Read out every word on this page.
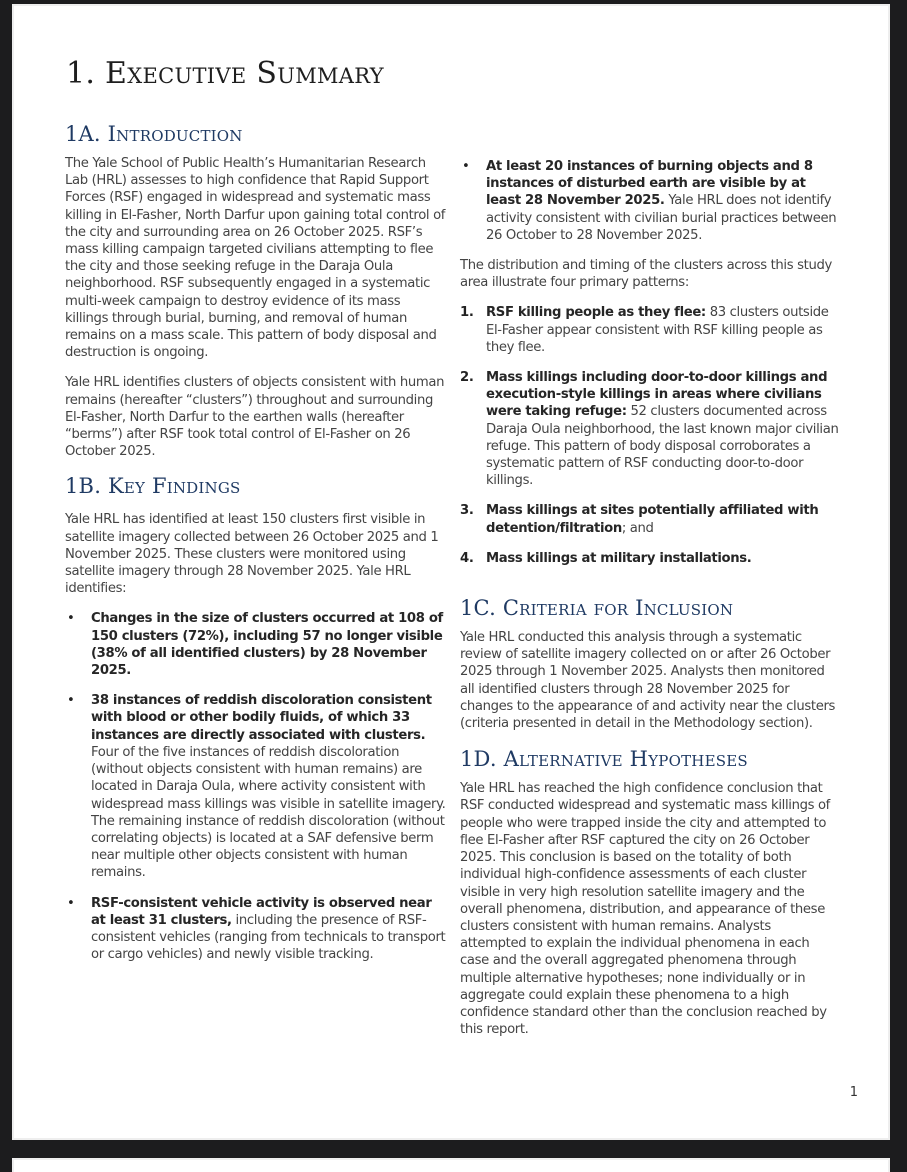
1. Executive Summary
1A. Introduction

The Yale School of Public Health’s Humanitarian Research Lab (HRL) assesses to high confidence that Rapid Support Forces (RSF) engaged in widespread and systematic mass killing in El-Fasher, North Darfur upon gaining total control of the city and surrounding area on 26 October 2025. RSF’s mass killing campaign targeted civilians attempting to flee the city and those seeking refuge in the Daraja Oula neighborhood. RSF subsequently engaged in a systematic multi-week campaign to destroy evidence of its mass killings through burial, burning, and removal of human remains on a mass scale. This pattern of body disposal and destruction is ongoing.

Yale HRL identifies clusters of objects consistent with human remains (hereafter “clusters”) throughout and surrounding El-Fasher, North Darfur to the earthen walls (hereafter “berms”) after RSF took total control of El-Fasher on 26 October 2025.

1B. Key Findings

Yale HRL has identified at least 150 clusters first visible in satellite imagery collected between 26 October 2025 and 1 November 2025. These clusters were monitored using satellite imagery through 28 November 2025. Yale HRL identifies:

• Changes in the size of clusters occurred at 108 of 150 clusters (72%), including 57 no longer visible (38% of all identified clusters) by 28 November 2025.
• 38 instances of reddish discoloration consistent with blood or other bodily fluids, of which 33 instances are directly associated with clusters. Four of the five instances of reddish discoloration (without objects consistent with human remains) are located in Daraja Oula, where activity consistent with widespread mass killings was visible in satellite imagery. The remaining instance of reddish discoloration (without correlating objects) is located at a SAF defensive berm near multiple other objects consistent with human remains.
• RSF-consistent vehicle activity is observed near at least 31 clusters, including the presence of RSF-consistent vehicles (ranging from technicals to transport or cargo vehicles) and newly visible tracking.
• At least 20 instances of burning objects and 8 instances of disturbed earth are visible by at least 28 November 2025. Yale HRL does not identify activity consistent with civilian burial practices between 26 October to 28 November 2025.

The distribution and timing of the clusters across this study area illustrate four primary patterns:

1. RSF killing people as they flee: 83 clusters outside El-Fasher appear consistent with RSF killing people as they flee.
2. Mass killings including door-to-door killings and execution-style killings in areas where civilians were taking refuge: 52 clusters documented across Daraja Oula neighborhood, the last known major civilian refuge. This pattern of body disposal corroborates a systematic pattern of RSF conducting door-to-door killings.
3. Mass killings at sites potentially affiliated with detention/filtration; and
4. Mass killings at military installations.
1C. Criteria for Inclusion

Yale HRL conducted this analysis through a systematic review of satellite imagery collected on or after 26 October 2025 through 1 November 2025. Analysts then monitored all identified clusters through 28 November 2025 for changes to the appearance of and activity near the clusters (criteria presented in detail in the Methodology section).

1D. Alternative Hypotheses

Yale HRL has reached the high confidence conclusion that RSF conducted widespread and systematic mass killings of people who were trapped inside the city and attempted to flee El-Fasher after RSF captured the city on 26 October 2025. This conclusion is based on the totality of both individual high-confidence assessments of each cluster visible in very high resolution satellite imagery and the overall phenomena, distribution, and appearance of these clusters consistent with human remains. Analysts attempted to explain the individual phenomena in each case and the overall aggregated phenomena through multiple alternative hypotheses; none individually or in aggregate could explain these phenomena to a high confidence standard other than the conclusion reached by this report.

1
